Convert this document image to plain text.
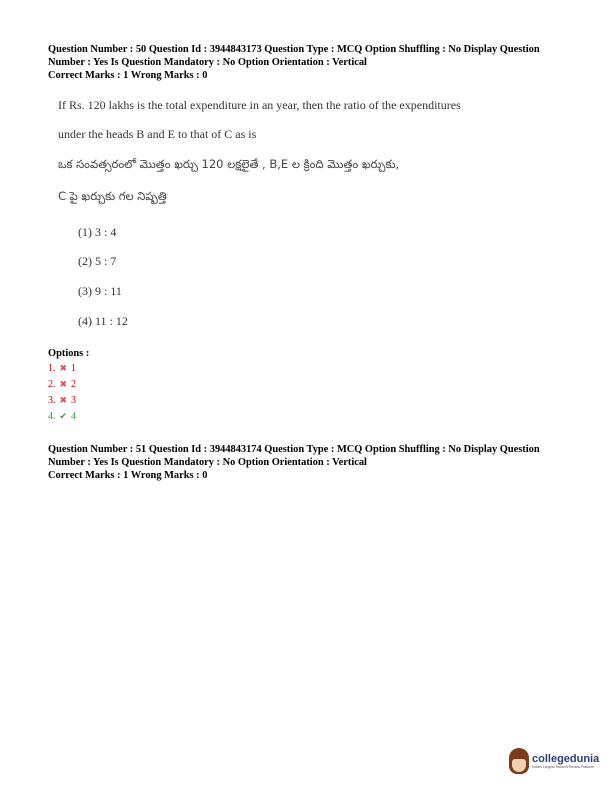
Question Number : 50 Question Id : 3944843173 Question Type : MCQ Option Shuffling : No Display Question
Number : Yes Is Question Mandatory : No Option Orientation : Vertical
Correct Marks : 1 Wrong Marks : 0
If Rs. 120 lakhs is the total expenditure in an year, then the ratio of the expenditures
under the heads B and E to that of C as is
ఒక సంవత్సరంలో మొత్తం ఖర్చు 120 లక్షలైతే , B,E ల క్రింది మొత్తం ఖర్చుకు,
C పై ఖర్చుకు గల నిష్పత్తి
(1) 3 : 4
(2) 5 : 7
(3) 9 : 11
(4) 11 : 12
Options :
1. ✖ 1
2. ✖ 2
3. ✖ 3
4. ✔ 4
Question Number : 51 Question Id : 3944843174 Question Type : MCQ Option Shuffling : No Display Question
Number : Yes Is Question Mandatory : No Option Orientation : Vertical
Correct Marks : 1 Wrong Marks : 0
collegedunia
India's Largest Student Review Platform
